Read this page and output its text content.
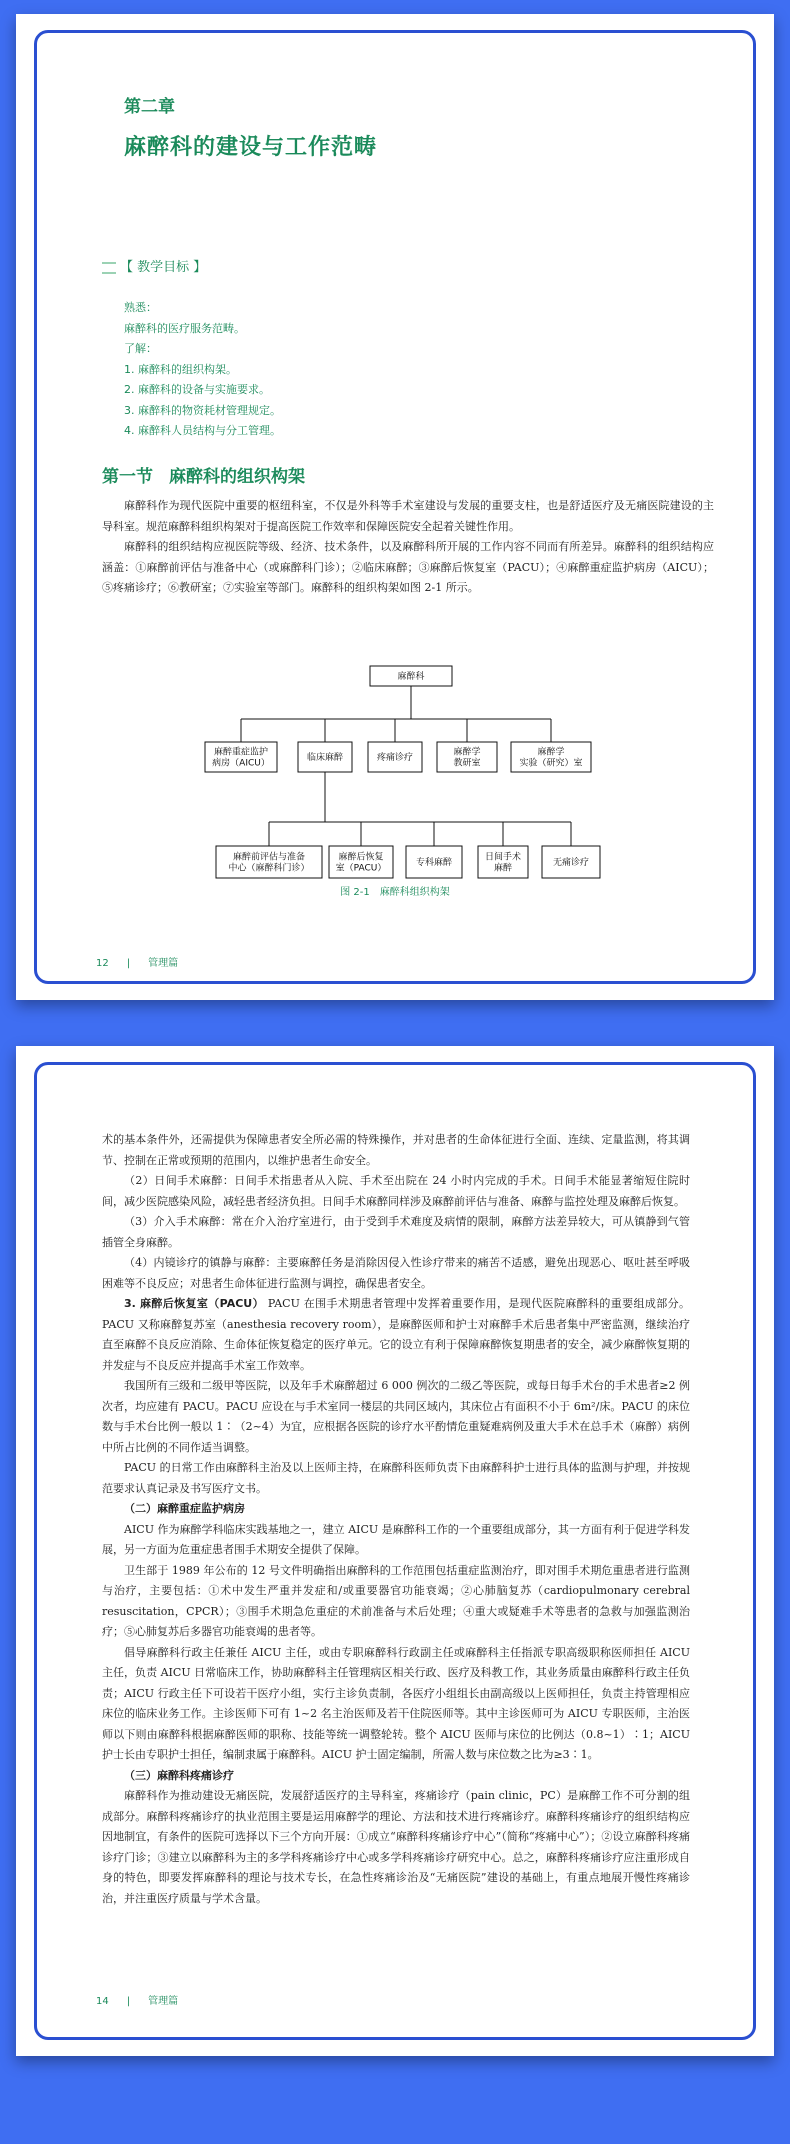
第二章
麻醉科的建设与工作范畴
【 教学目标 】
熟悉：
麻醉科的医疗服务范畴。
了解：
1. 麻醉科的组织构架。
2. 麻醉科的设备与实施要求。
3. 麻醉科的物资耗材管理规定。
4. 麻醉科人员结构与分工管理。
第一节 麻醉科的组织构架

麻醉科作为现代医院中重要的枢纽科室，不仅是外科等手术室建设与发展的重要支柱，也是舒适医疗及无痛医院建设的主导科室。规范麻醉科组织构架对于提高医院工作效率和保障医院安全起着关键性作用。

麻醉科的组织结构应视医院等级、经济、技术条件，以及麻醉科所开展的工作内容不同而有所差异。麻醉科的组织结构应涵盖：①麻醉前评估与准备中心（或麻醉科门诊）；②临床麻醉；③麻醉后恢复室（PACU）；④麻醉重症监护病房（AICU）；⑤疼痛诊疗；⑥教研室；⑦实验室等部门。麻醉科的组织构架如图 2-1 所示。

麻醉科
麻醉重症监护
病房（AICU）
临床麻醉	疼痛诊疗
麻醉学
教研室
麻醉学
实验（研究）室
麻醉前评估与准备
中心（麻醉科门诊）
麻醉后恢复
室（PACU）
专科麻醉
日间手术
麻醉
无痛诊疗
图 2-1　麻醉科组织构架
12 | 管理篇

术的基本条件外，还需提供为保障患者安全所必需的特殊操作，并对患者的生命体征进行全面、连续、定量监测，将其调节、控制在正常或预期的范围内，以维护患者生命安全。

（2）日间手术麻醉：日间手术指患者从入院、手术至出院在 24 小时内完成的手术。日间手术能显著缩短住院时间，减少医院感染风险，减轻患者经济负担。日间手术麻醉同样涉及麻醉前评估与准备、麻醉与监控处理及麻醉后恢复。

（3）介入手术麻醉：常在介入治疗室进行，由于受到手术难度及病情的限制，麻醉方法差异较大，可从镇静到气管插管全身麻醉。

（4）内镜诊疗的镇静与麻醉：主要麻醉任务是消除因侵入性诊疗带来的痛苦不适感，避免出现恶心、呕吐甚至呼吸困难等不良反应；对患者生命体征进行监测与调控，确保患者安全。

3. 麻醉后恢复室（PACU） PACU 在围手术期患者管理中发挥着重要作用，是现代医院麻醉科的重要组成部分。PACU 又称麻醉复苏室（anesthesia recovery room），是麻醉医师和护士对麻醉手术后患者集中严密监测，继续治疗直至麻醉不良反应消除、生命体征恢复稳定的医疗单元。它的设立有利于保障麻醉恢复期患者的安全，减少麻醉恢复期的并发症与不良反应并提高手术室工作效率。

我国所有三级和二级甲等医院，以及年手术麻醉超过 6 000 例次的二级乙等医院，或每日每手术台的手术患者≥2 例次者，均应建有 PACU。PACU 应设在与手术室同一楼层的共同区域内，其床位占有面积不小于 6m²/床。PACU 的床位数与手术台比例一般以 1∶（2~4）为宜，应根据各医院的诊疗水平酌情危重疑难病例及重大手术在总手术（麻醉）病例中所占比例的不同作适当调整。

PACU 的日常工作由麻醉科主治及以上医师主持，在麻醉科医师负责下由麻醉科护士进行具体的监测与护理，并按规范要求认真记录及书写医疗文书。

（二）麻醉重症监护病房

AICU 作为麻醉学科临床实践基地之一，建立 AICU 是麻醉科工作的一个重要组成部分，其一方面有利于促进学科发展，另一方面为危重症患者围手术期安全提供了保障。

卫生部于 1989 年公布的 12 号文件明确指出麻醉科的工作范围包括重症监测治疗，即对围手术期危重患者进行监测与治疗，主要包括：①术中发生严重并发症和/或重要器官功能衰竭；②心肺脑复苏（cardiopulmonary cerebral resuscitation，CPCR）；③围手术期急危重症的术前准备与术后处理；④重大或疑难手术等患者的急救与加强监测治疗；⑤心肺复苏后多器官功能衰竭的患者等。

倡导麻醉科行政主任兼任 AICU 主任，或由专职麻醉科行政副主任或麻醉科主任指派专职高级职称医师担任 AICU 主任，负责 AICU 日常临床工作，协助麻醉科主任管理病区相关行政、医疗及科教工作，其业务质量由麻醉科行政主任负责；AICU 行政主任下可设若干医疗小组，实行主诊负责制，各医疗小组组长由副高级以上医师担任，负责主持管理相应床位的临床业务工作。主诊医师下可有 1~2 名主治医师及若干住院医师等。其中主诊医师可为 AICU 专职医师，主治医师以下则由麻醉科根据麻醉医师的职称、技能等统一调整轮转。整个 AICU 医师与床位的比例达（0.8~1）∶1；AICU 护士长由专职护士担任，编制隶属于麻醉科。AICU 护士固定编制，所需人数与床位数之比为≥3∶1。

（三）麻醉科疼痛诊疗

麻醉科作为推动建设无痛医院，发展舒适医疗的主导科室，疼痛诊疗（pain clinic，PC）是麻醉工作不可分割的组成部分。麻醉科疼痛诊疗的执业范围主要是运用麻醉学的理论、方法和技术进行疼痛诊疗。麻醉科疼痛诊疗的组织结构应因地制宜，有条件的医院可选择以下三个方向开展：①成立“麻醉科疼痛诊疗中心”（简称“疼痛中心”）；②设立麻醉科疼痛诊疗门诊；③建立以麻醉科为主的多学科疼痛诊疗中心或多学科疼痛诊疗研究中心。总之，麻醉科疼痛诊疗应注重形成自身的特色，即要发挥麻醉科的理论与技术专长，在急性疼痛诊治及“无痛医院”建设的基础上，有重点地展开慢性疼痛诊治，并注重医疗质量与学术含量。

14 | 管理篇
